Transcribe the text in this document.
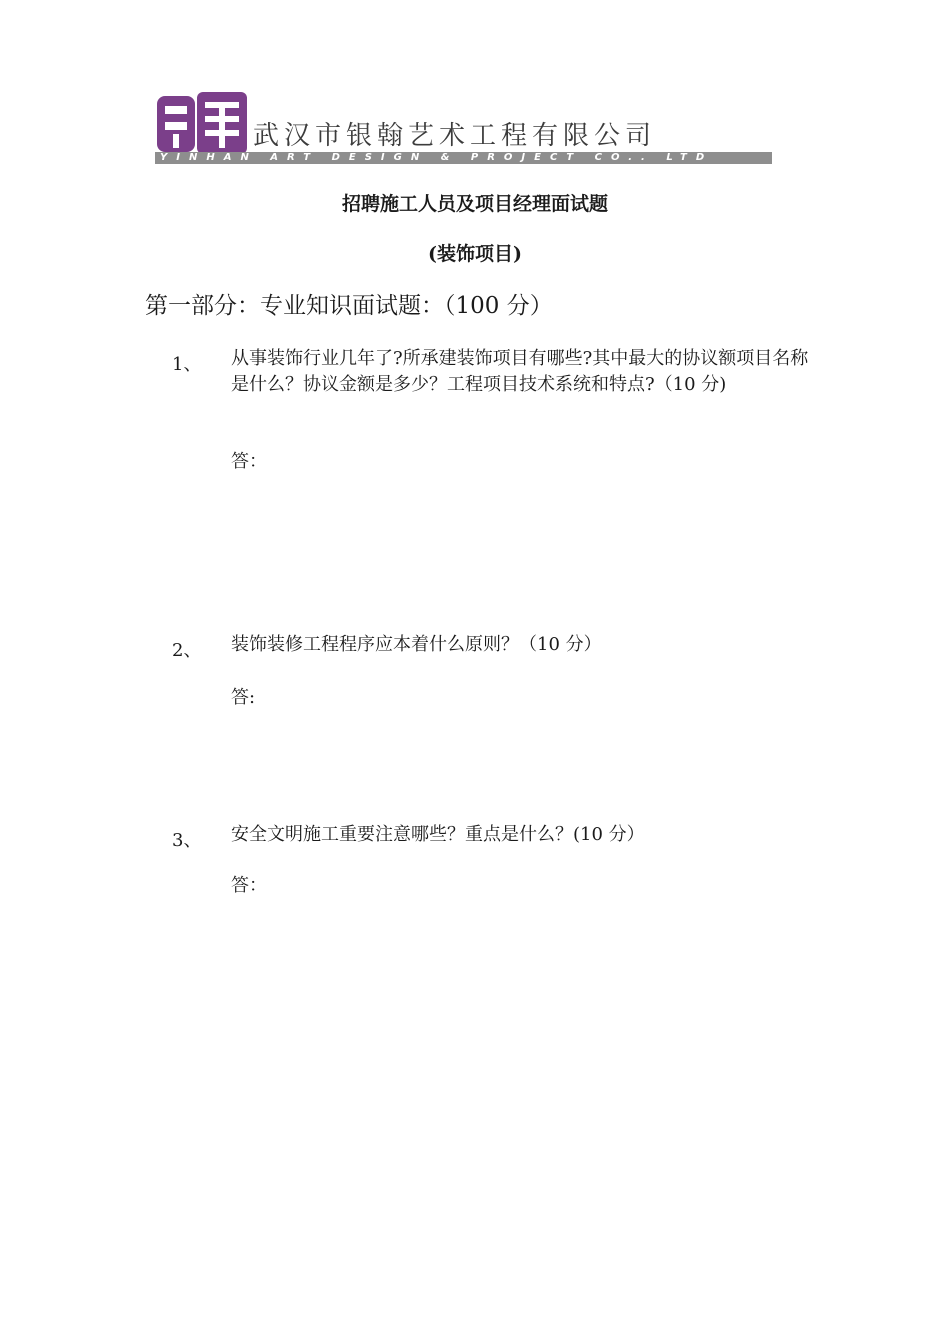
武汉市银翰艺术工程有限公司
YINHAN ART DESIGN & PROJECT CO.. LTD
招聘施工人员及项目经理面试题
(装饰项目)
第一部分：专业知识面试题：（100 分）
1、 从事装饰行业几年了?所承建装饰项目有哪些?其中最大的协议额项目名称是什么？协议金额是多少？工程项目技术系统和特点?（10 分)
答：
2、 装饰装修工程程序应本着什么原则？（10 分）
答:
3、 安全文明施工重要注意哪些？重点是什么？(10 分）
答：
